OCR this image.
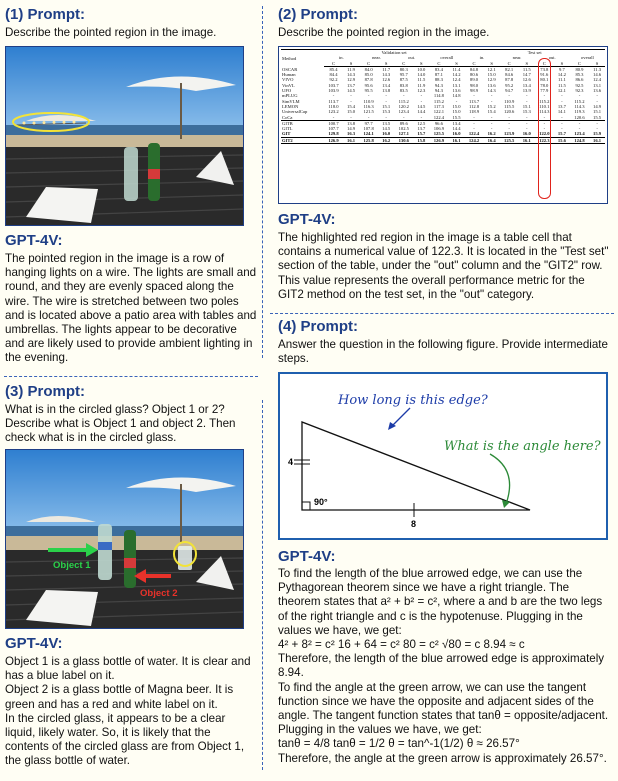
(1) Prompt:

Describe the pointed region in the image.

GPT-4V:

The pointed region in the image is a row of hanging lights on a wire. The lights are small and round, and they are evenly spaced along the wire. The wire is stretched between two poles and is located above a patio area with tables and umbrellas. The lights appear to be decorative and are likely used to provide ambient lighting in the evening.

(2) Prompt:

Describe the pointed region in the image.

Method	Validation set								Test set							
	in.		near.		out.		overall		in.		near.		out.		overall	
	C	S	C	S	C	S	C	S	C	S	C	S	C	S	C	S
OSCAR	85.4	11.9	84.0	11.7	80.3	10.0	83.4	11.4	84.8	12.1	82.1	11.5	73.8	9.7	80.9	11.3
Human	84.4	14.3	85.0	14.3	95.7	14.0	87.1	14.2	80.6	15.0	84.6	14.7	91.6	14.2	85.3	14.6
VIVO	92.2	12.9	87.8	12.6	87.5	11.5	88.3	12.4	89.0	12.9	87.8	12.6	80.1	11.1	86.6	12.4
VinVL	103.7	13.7	95.6	13.4	83.8	11.9	94.3	13.1	98.0	13.6	95.2	13.4	78.0	11.5	92.5	13.1
UFO	103.9	14.5	95.5	13.8	83.5	12.3	94.3	13.6	98.9	14.3	94.7	13.9	77.9	12.1	92.3	13.6
mPLUG	-	-	-	-	-	-	114.8	14.8	-	-	-	-	-	-	-	-
SimVLM	113.7	-	110.9	-	115.2	-	115.2	-	113.7	-	110.9	-	115.2	-	115.2	-
LEMON	118.0	15.4	116.3	15.1	120.2	14.5	117.3	15.0	112.8	15.2	115.5	15.1	110.1	13.7	114.3	14.9
UniversalCap	123.2	15.0	121.5	15.3	123.4	14.4	122.1	15.0	118.9	15.4	120.6	15.3	114.3	14.1	119.3	15.1
CoCa	-	-	-	-	-	-	122.4	15.5	-	-	-	-	-	-	120.6	15.5
GITB	100.7	13.8	97.7	13.5	89.6	12.5	96.6	13.4	-	-	-	-	-	-	-	-
GITL	107.7	14.9	107.8	14.5	102.5	13.7	106.9	14.4	-	-	-	-	-	-	-	-
GIT	129.8	16.3	124.1	16.0	127.1	15.7	125.5	16.0	122.4	16.2	123.9	16.0	122.0	15.7	123.4	15.9
GIT2	126.9	16.1	125.8	16.2	130.6	15.8	126.9	16.1	124.2	16.4	125.5	16.1	122.3	15.6	124.8	16.1

GPT-4V:

The highlighted red region in the image is a table cell that contains a numerical value of 122.3. It is located in the "Test set" section of the table, under the "out" column and the "GIT2" row. This value represents the overall performance metric for the GIT2 method on the test set, in the "out" category.

(3) Prompt:

What is in the circled glass? Object 1 or 2? Describe what is Object 1 and object 2. Then check what is in the circled glass.

Object 1
Object 2

GPT-4V:

Object 1 is a glass bottle of water. It is clear and has a blue label on it.

Object 2 is a glass bottle of Magna beer. It is green and has a red and white label on it.

In the circled glass, it appears to be a clear liquid, likely water. So, it is likely that the contents of the circled glass are from Object 1, the glass bottle of water.

(4) Prompt:

Answer the question in the following figure. Provide intermediate steps.

4
8
90°
How long is this edge?
What is the angle here?

GPT-4V:

To find the length of the blue arrowed edge, we can use the Pythagorean theorem since we have a right triangle. The theorem states that a² + b² = c², where a and b are the two legs of the right triangle and c is the hypotenuse. Plugging in the values we have, we get:

4² + 8² = c² 16 + 64 = c² 80 = c² √80 = c 8.94 ≈ c

Therefore, the length of the blue arrowed edge is approximately 8.94.

To find the angle at the green arrow, we can use the tangent function since we have the opposite and adjacent sides of the angle. The tangent function states that tanθ = opposite/adjacent. Plugging in the values we have, we get:

tanθ = 4/8 tanθ = 1/2 θ = tan^-1(1/2) θ ≈ 26.57°

Therefore, the angle at the green arrow is approximately 26.57°.
